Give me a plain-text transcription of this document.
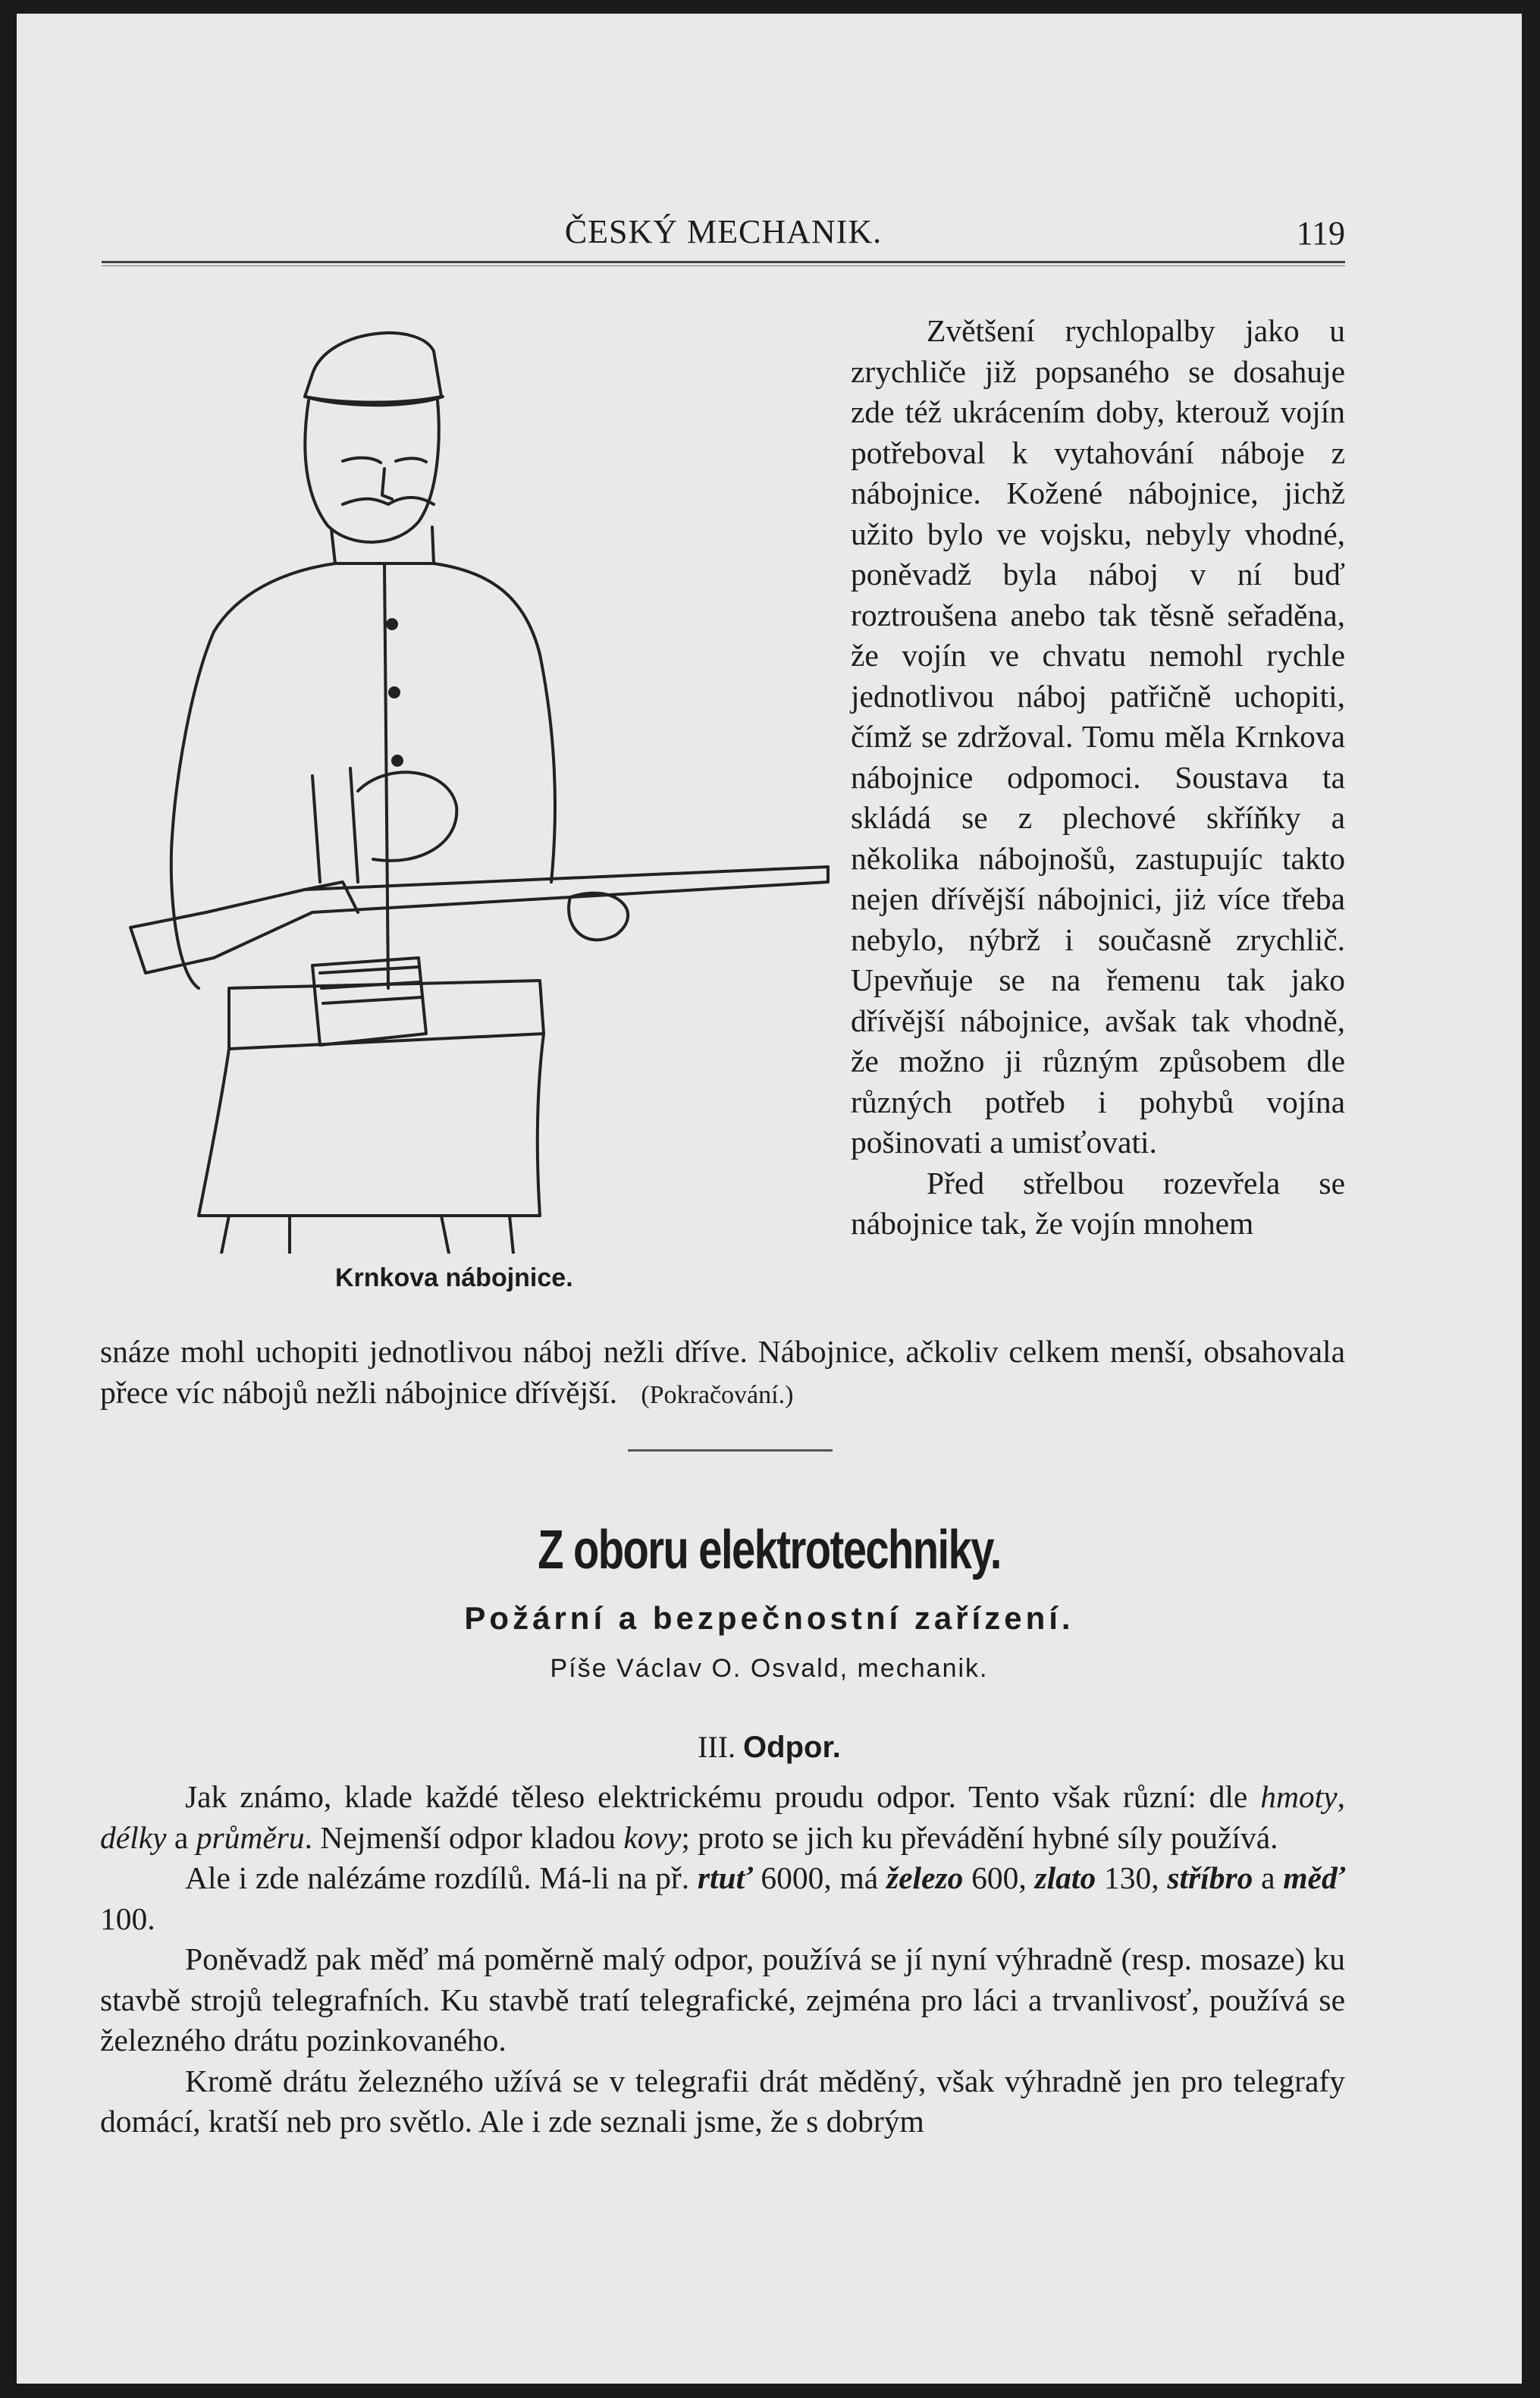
ČESKÝ MECHANIK.	119
Krnkova nábojnice.

Zvětšení rychlopalby jako u zrychliče již popsaného se dosahuje zde též ukrácením doby, kterouž vojín potřeboval k vytahování náboje z nábojnice. Kožené nábojnice, jichž užito bylo ve vojsku, nebyly vhodné, poněvadž byla náboj v ní buď roztroušena anebo tak těsně seřaděna, že vojín ve chvatu nemohl rychle jednotlivou náboj patřičně uchopiti, čímž se zdržoval. Tomu měla Krnkova nábojnice odpomoci. Soustava ta skládá se z plechové skříňky a několika nábojnošů, zastupujíc takto nejen dřívější nábojnici, jiż více třeba nebylo, nýbrž i současně zrychlič. Upevňuje se na řemenu tak jako dřívější nábojnice, avšak tak vhodně, že možno ji různým způsobem dle různých potřeb i pohybů vojína pošinovati a umisťovati.

Před střelbou rozevřela se nábojnice tak, že vojín mnohem

snáze mohl uchopiti jednotlivou náboj nežli dříve. Nábojnice, ačkoliv celkem menší, obsahovala přece víc nábojů nežli nábojnice dřívější. (Pokračování.)

Z oboru elektrotechniky.
Požární a bezpečnostní zařízení.
Píše Václav O. Osvald, mechanik.
III. Odpor.

Jak známo, klade každé těleso elektrickému proudu odpor. Tento však různí: dle hmoty, délky a průměru. Nejmenší odpor kladou kovy; proto se jich ku převádění hybné síly používá.

Ale i zde nalézáme rozdílů. Má-li na př. rtuť 6000, má železo 600, zlato 130, stříbro a měď 100.

Poněvadž pak měď má poměrně malý odpor, používá se jí nyní výhradně (resp. mosaze) ku stavbě strojů telegrafních. Ku stavbě tratí telegrafické, zejména pro láci a trvanlivosť, používá se železného drátu pozinkovaného.

Kromě drátu železného užívá se v telegrafii drát měděný, však výhradně jen pro telegrafy domácí, kratší neb pro světlo. Ale i zde seznali jsme, že s dobrým
